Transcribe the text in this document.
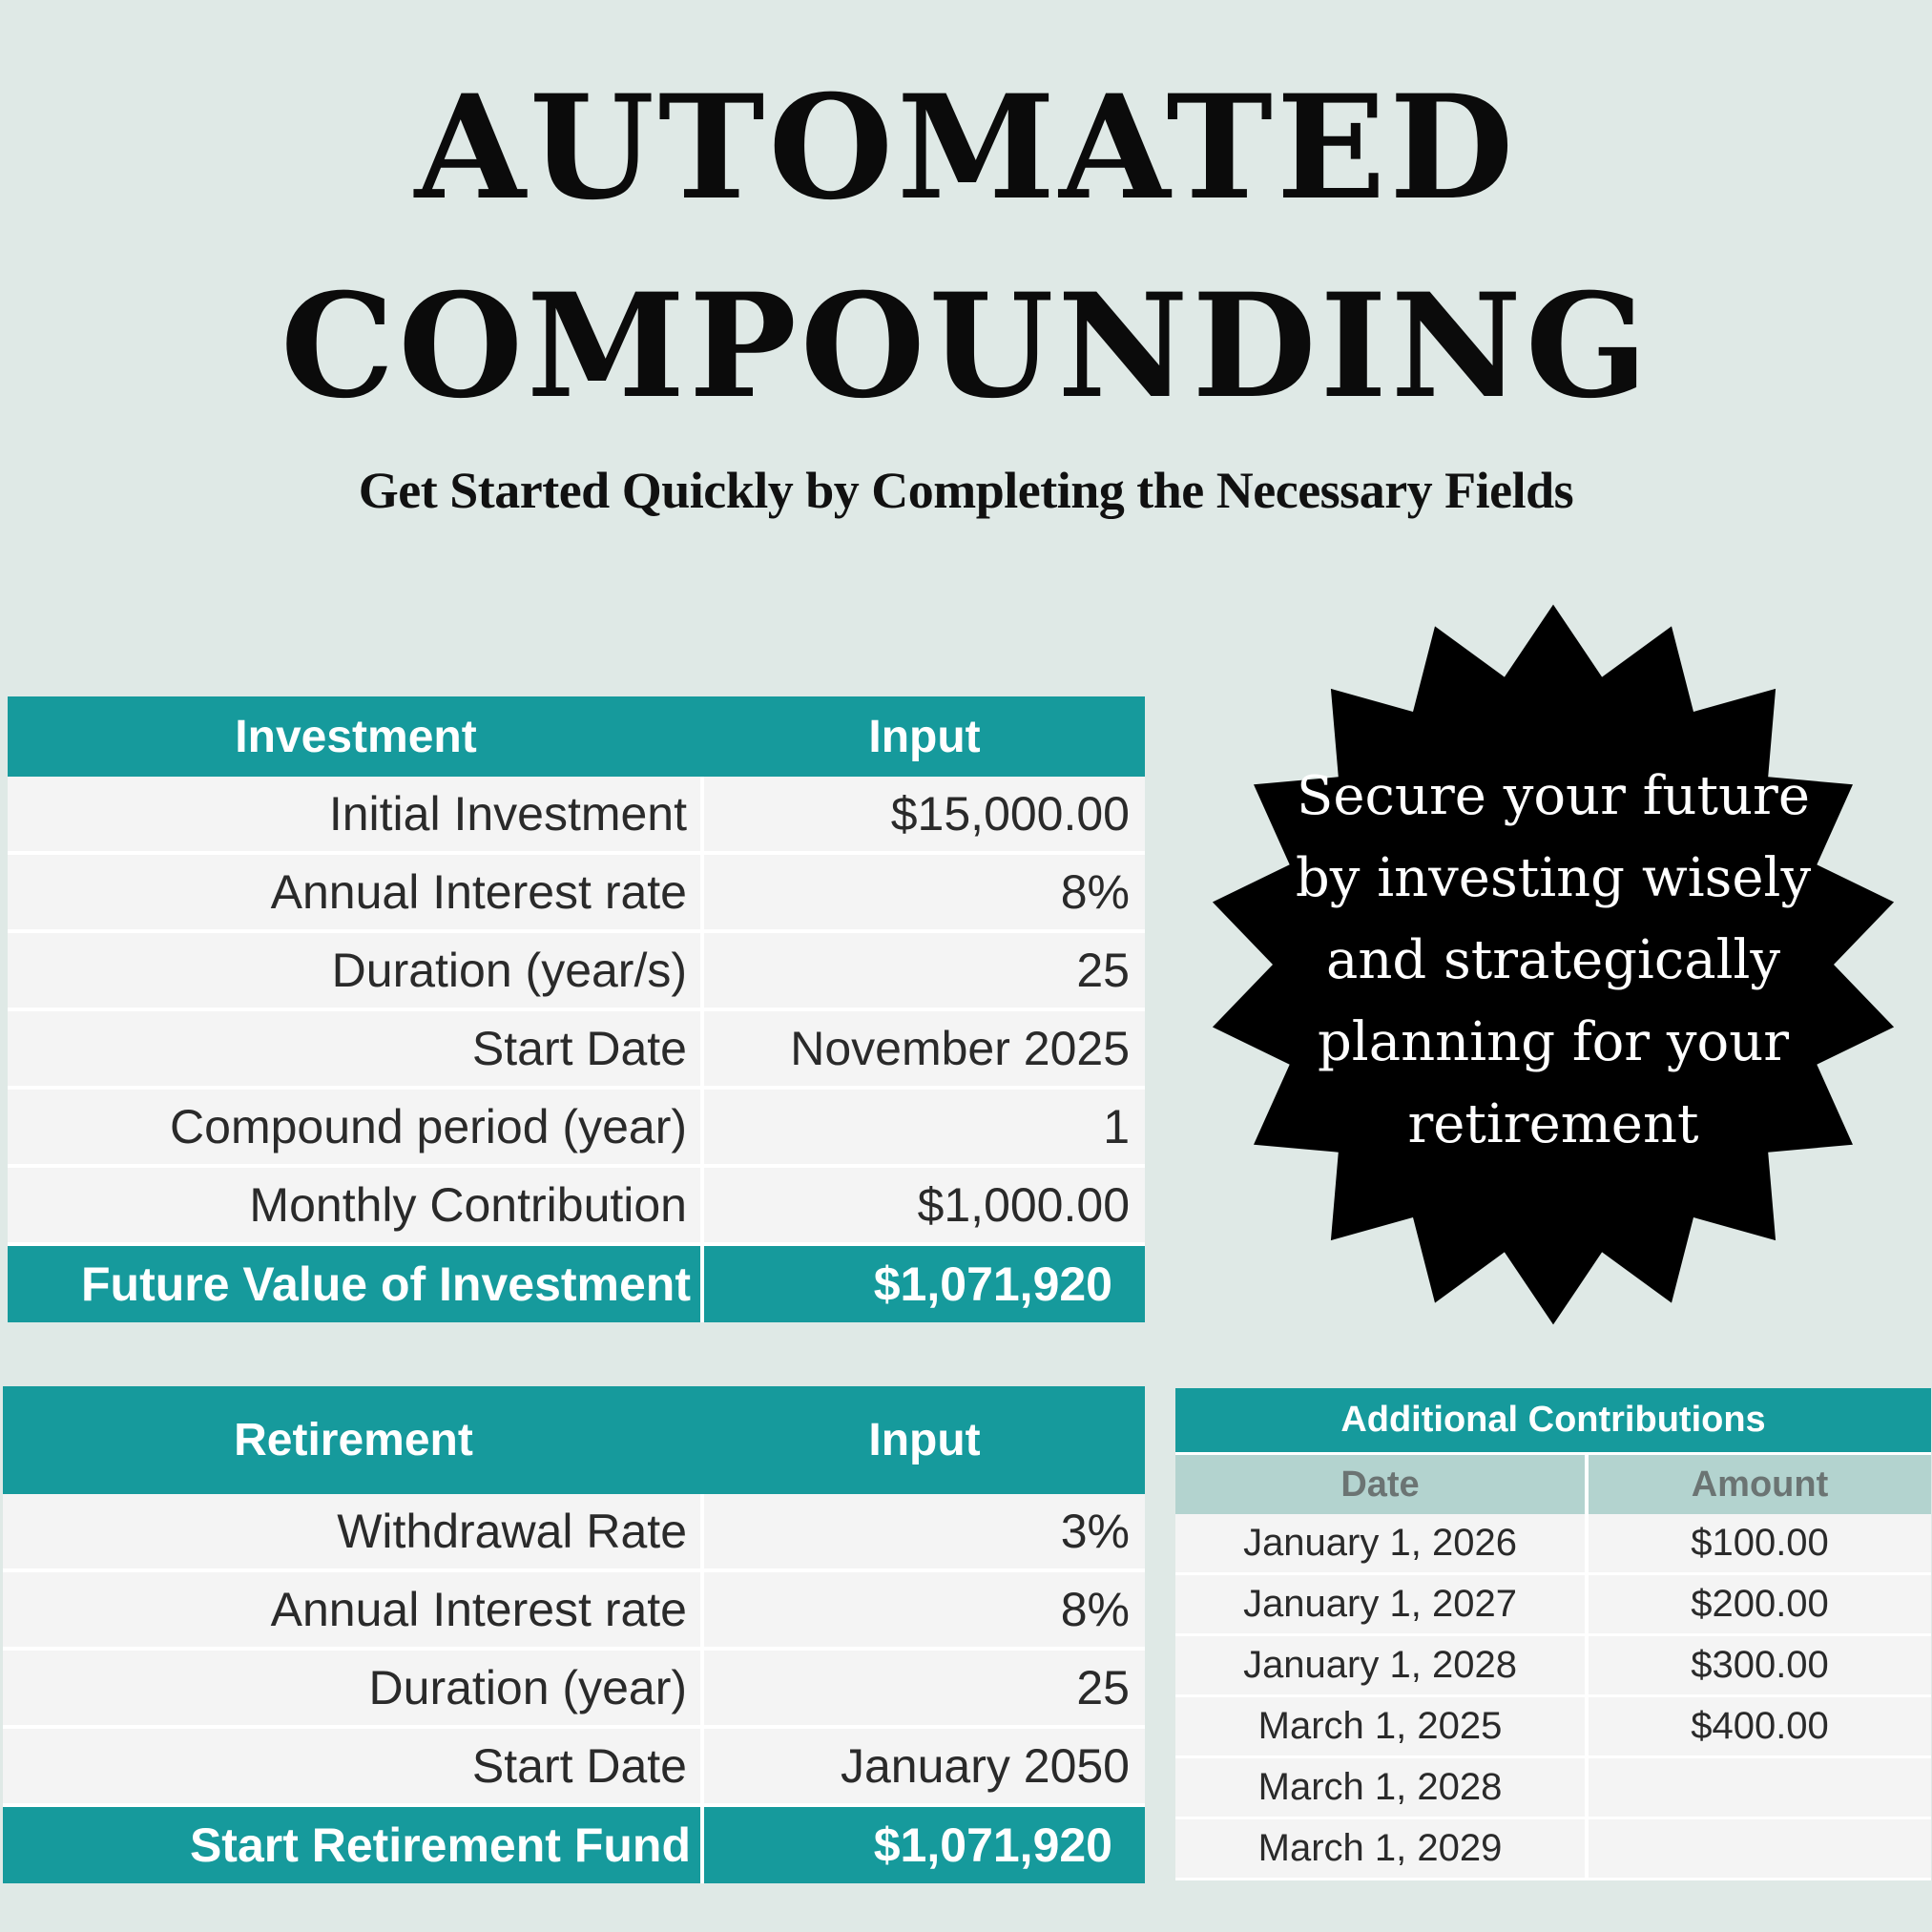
AUTOMATED
COMPOUNDING
Get Started Quickly by Completing the Necessary Fields
Investment	Input
Initial Investment	$15,000.00
Annual Interest rate	8%
Duration (year/s)	25
Start Date	November 2025
Compound period (year)	1
Monthly Contribution	$1,000.00
Future Value of Investment	$1,071,920
Secure your future
by investing wisely
and strategically
planning for your
retirement
Retirement	Input
Withdrawal Rate	3%
Annual Interest rate	8%
Duration (year)	25
Start Date	January 2050
Start Retirement Fund	$1,071,920
Additional Contributions	
Date	Amount
January 1, 2026	$100.00
January 1, 2027	$200.00
January 1, 2028	$300.00
March 1, 2025	$400.00
March 1, 2028	
March 1, 2029	
